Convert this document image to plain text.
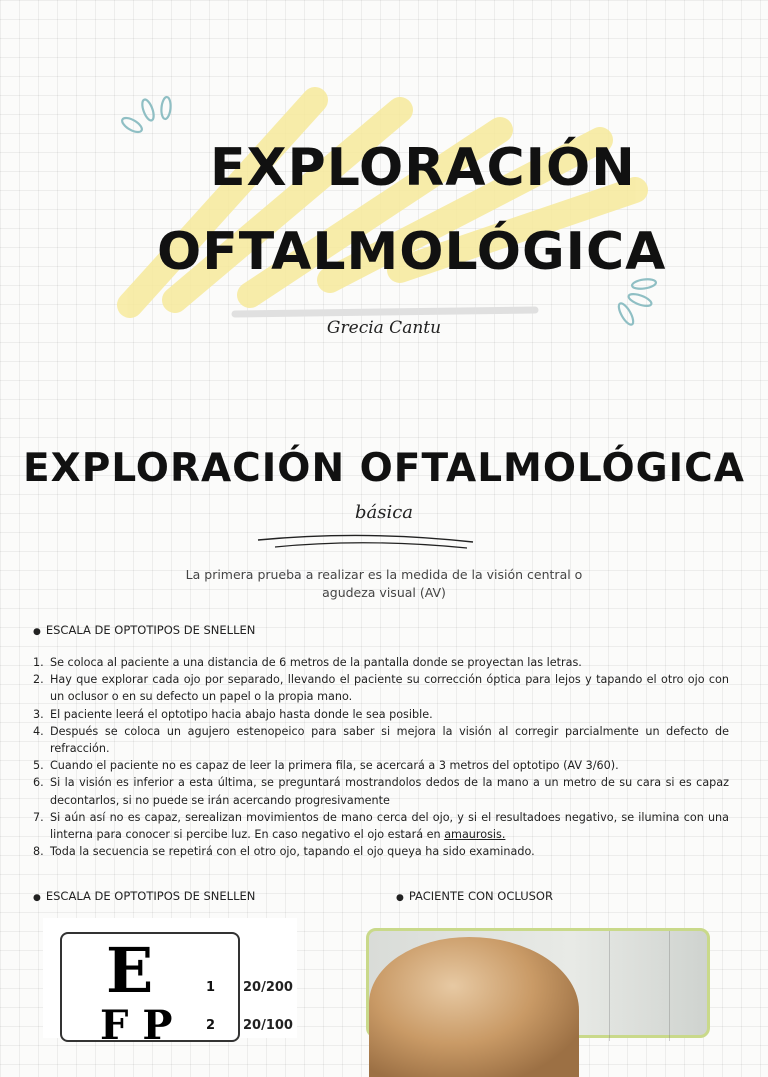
EXPLORACIÓN
OFTALMOLÓGICA
Grecia Cantu
EXPLORACIÓN OFTALMOLÓGICA
básica
La primera prueba a realizar es la medida de la visión central o agudeza visual (AV)
● ESCALA DE OPTOTIPOS DE SNELLEN
1. Se coloca al paciente a una distancia de 6 metros de la pantalla donde se proyectan las letras.
2. Hay que explorar cada ojo por separado, llevando el paciente su corrección óptica para lejos y tapando el otro ojo con un oclusor o en su defecto un papel o la propia mano.
3. El paciente leerá el optotipo hacia abajo hasta donde le sea posible.
4. Después se coloca un agujero estenopeico para saber si mejora la visión al corregir parcialmente un defecto de refracción.
5. Cuando el paciente no es capaz de leer la primera fila, se acercará a 3 metros del optotipo (AV 3/60).
6. Si la visión es inferior a esta última, se preguntará mostrandolos dedos de la mano a un metro de su cara si es capaz decontarlos, si no puede se irán acercando progresivamente
7. Si aún así no es capaz, serealizan movimientos de mano cerca del ojo, y si el resultadoes negativo, se ilumina con una linterna para conocer si percibe luz. En caso negativo el ojo estará en amaurosis.
8. Toda la secuencia se repetirá con el otro ojo, tapando el ojo queya ha sido examinado.
● ESCALA DE OPTOTIPOS DE SNELLEN	● PACIENTE CON OCLUSOR
E	1 20/200
F P	2 20/100
